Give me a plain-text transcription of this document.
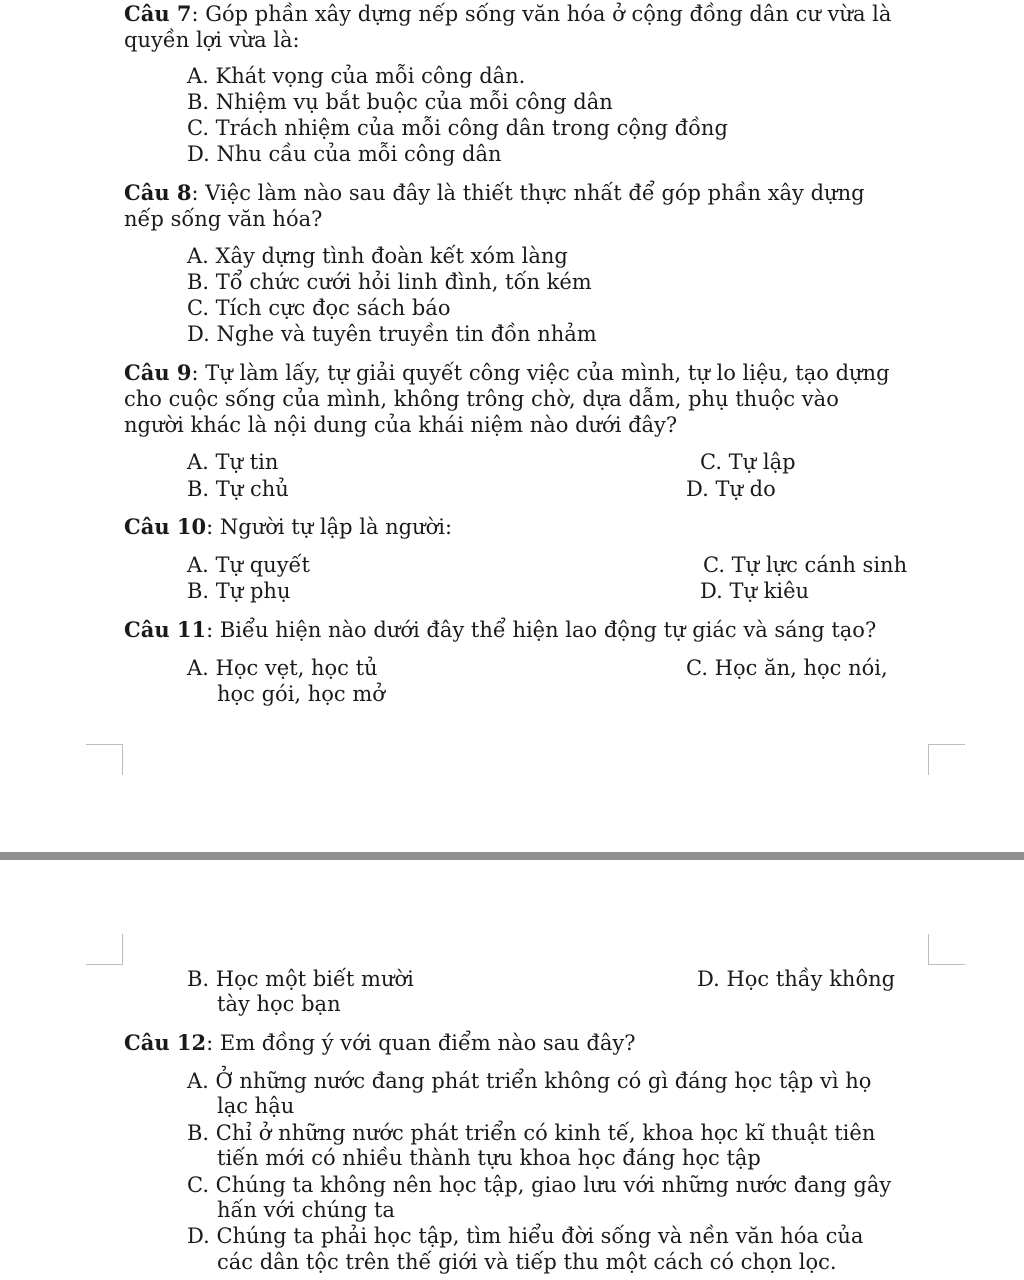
Câu 7: Góp phần xây dựng nếp sống văn hóa ở cộng đồng dân cư vừa là
quyền lợi vừa là:
A. Khát vọng của mỗi công dân.
B. Nhiệm vụ bắt buộc của mỗi công dân
C. Trách nhiệm của mỗi công dân trong cộng đồng
D. Nhu cầu của mỗi công dân
Câu 8: Việc làm nào sau đây là thiết thực nhất để góp phần xây dựng
nếp sống văn hóa?
A. Xây dựng tình đoàn kết xóm làng
B. Tổ chức cưới hỏi linh đình, tốn kém
C. Tích cực đọc sách báo
D. Nghe và tuyên truyền tin đồn nhảm
Câu 9: Tự làm lấy, tự giải quyết công việc của mình, tự lo liệu, tạo dựng
cho cuộc sống của mình, không trông chờ, dựa dẫm, phụ thuộc vào
người khác là nội dung của khái niệm nào dưới đây?
A. Tự tin	C. Tự lập
B. Tự chủ	D. Tự do
Câu 10: Người tự lập là người:
A. Tự quyết	C. Tự lực cánh sinh
B. Tự phụ	D. Tự kiêu
Câu 11: Biểu hiện nào dưới đây thể hiện lao động tự giác và sáng tạo?
A. Học vẹt, học tủ	C. Học ăn, học nói,
học gói, học mở
B. Học một biết mười	D. Học thầy không
tày học bạn
Câu 12: Em đồng ý với quan điểm nào sau đây?
A. Ở những nước đang phát triển không có gì đáng học tập vì họ
lạc hậu
B. Chỉ ở những nước phát triển có kinh tế, khoa học kĩ thuật tiên
tiến mới có nhiều thành tựu khoa học đáng học tập
C. Chúng ta không nên học tập, giao lưu với những nước đang gây
hấn với chúng ta
D. Chúng ta phải học tập, tìm hiểu đời sống và nền văn hóa của
các dân tộc trên thế giới và tiếp thu một cách có chọn lọc.
